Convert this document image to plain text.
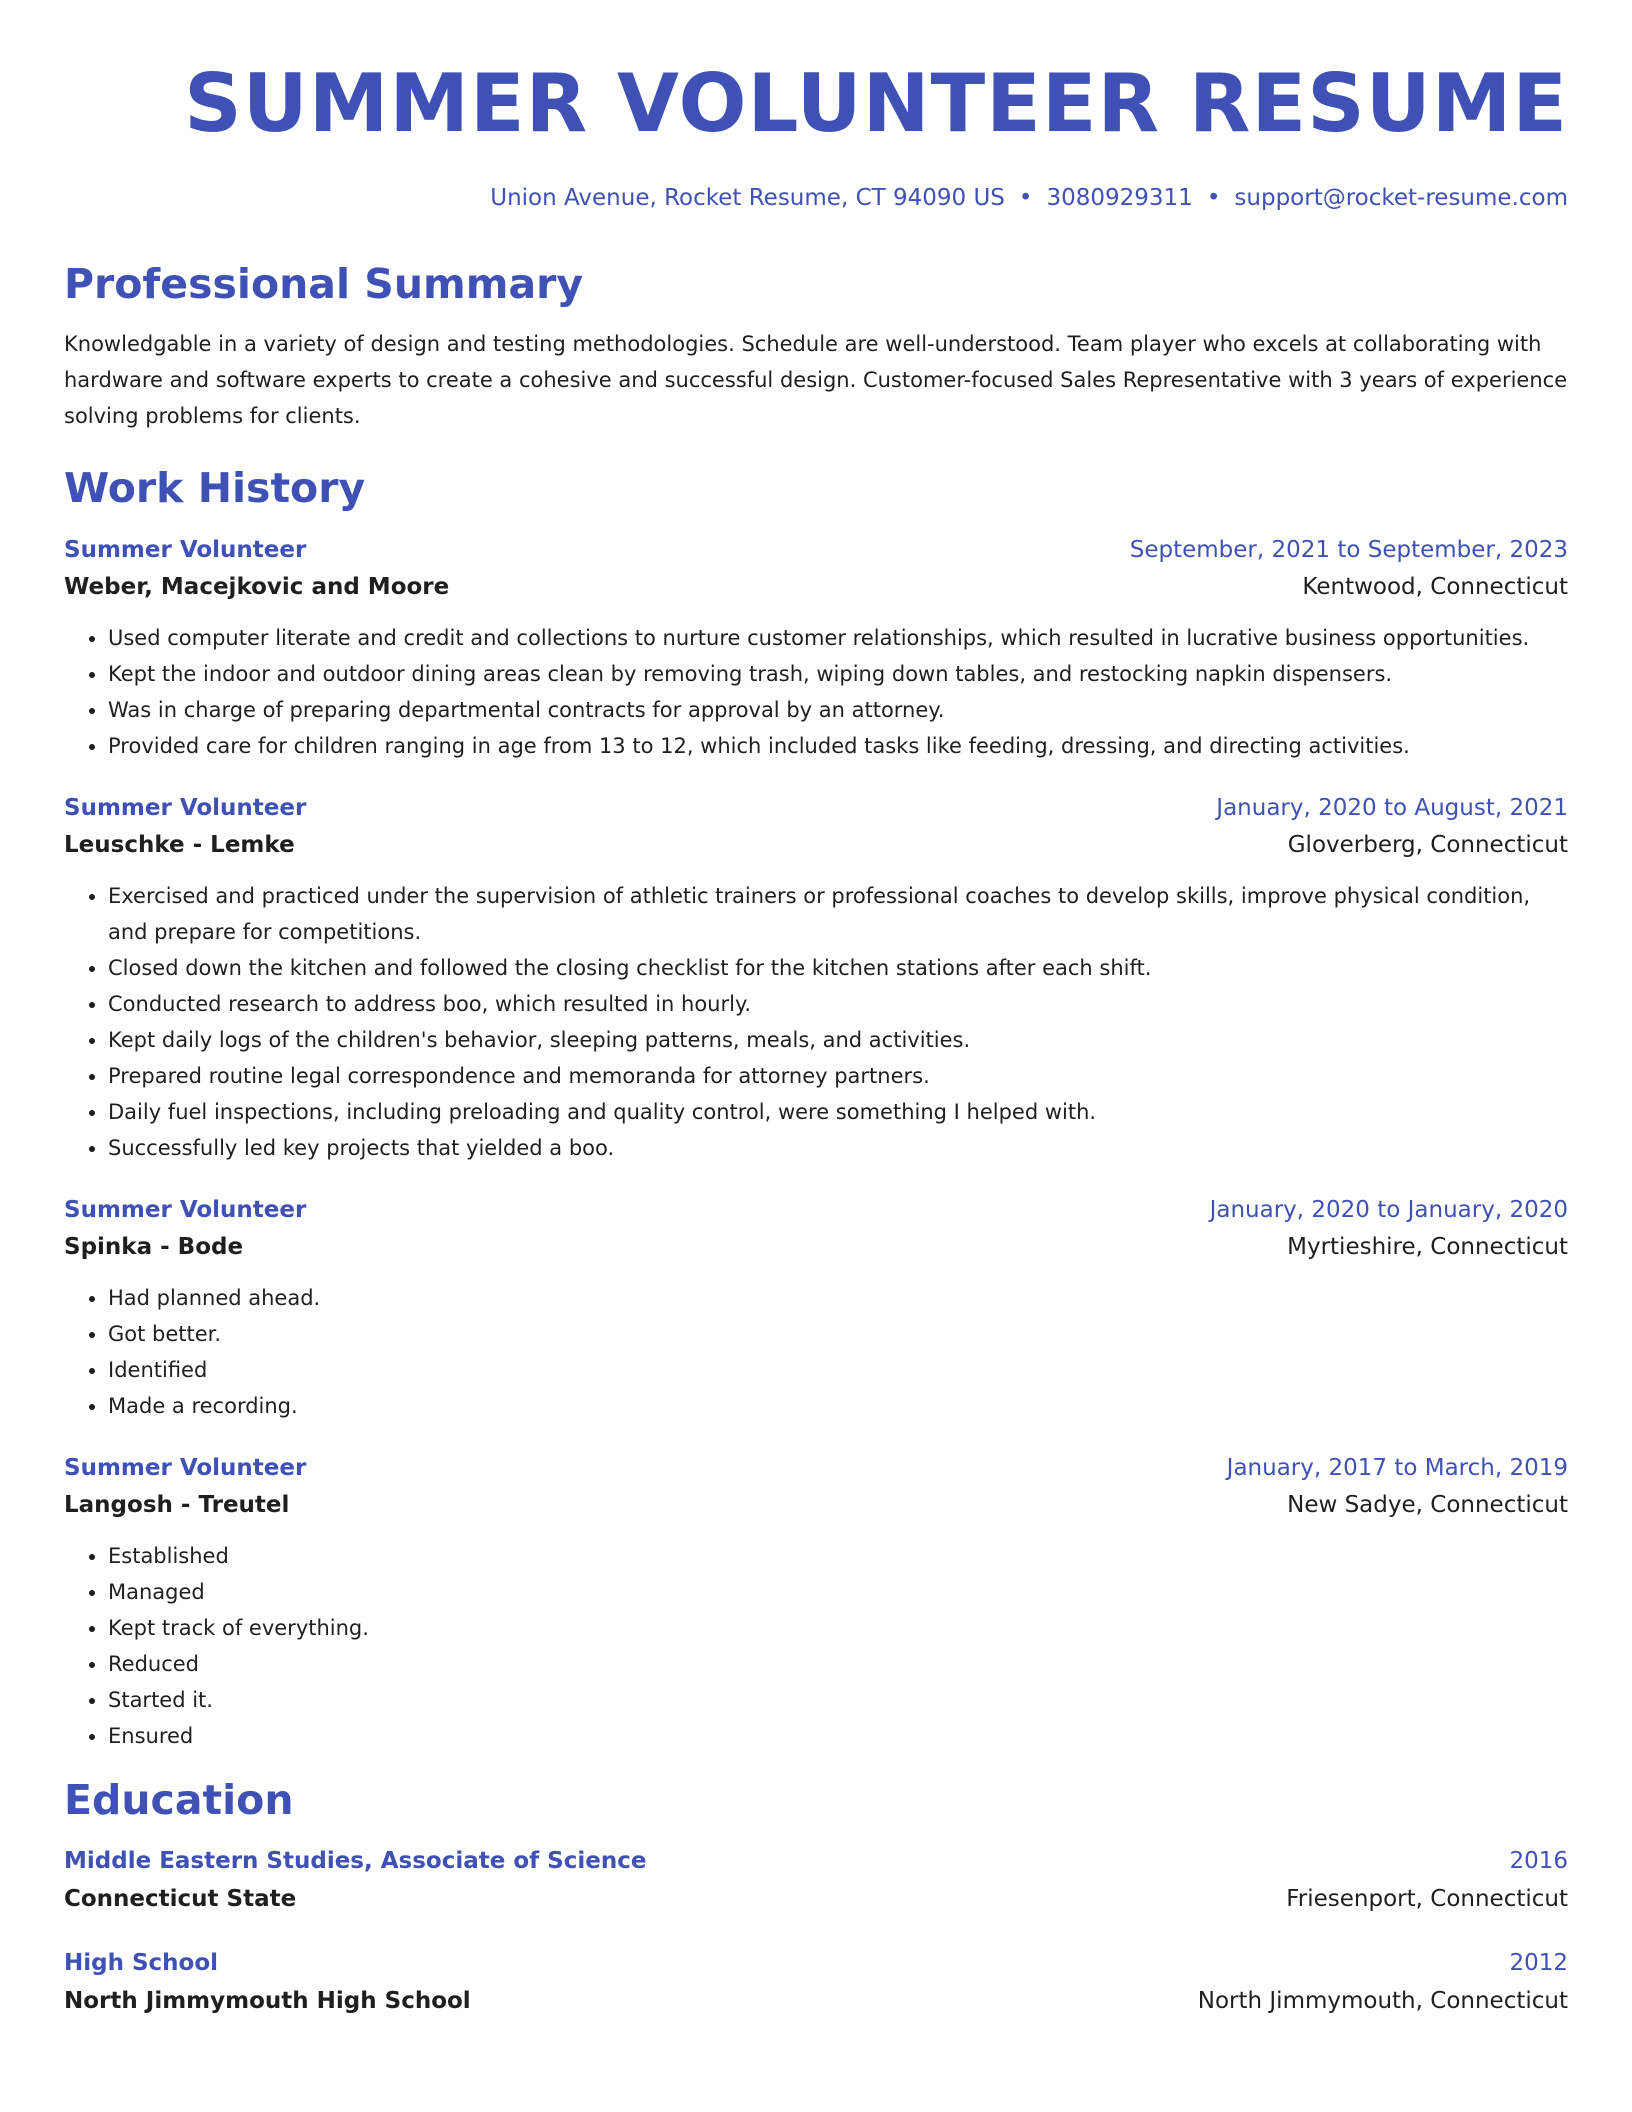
SUMMER VOLUNTEER RESUME
Union Avenue, Rocket Resume, CT 94090 US • 3080929311 • support@rocket-resume.com
Professional Summary
Knowledgable in a variety of design and testing methodologies. Schedule are well-understood. Team player who excels at collaborating with hardware and software experts to create a cohesive and successful design. Customer-focused Sales Representative with 3 years of experience solving problems for clients.
Work History
Summer Volunteer	September, 2021 to September, 2023
Weber, Macejkovic and Moore	Kentwood, Connecticut
• Used computer literate and credit and collections to nurture customer relationships, which resulted in lucrative business opportunities.
• Kept the indoor and outdoor dining areas clean by removing trash, wiping down tables, and restocking napkin dispensers.
• Was in charge of preparing departmental contracts for approval by an attorney.
• Provided care for children ranging in age from 13 to 12, which included tasks like feeding, dressing, and directing activities.
Summer Volunteer	January, 2020 to August, 2021
Leuschke - Lemke	Gloverberg, Connecticut
• Exercised and practiced under the supervision of athletic trainers or professional coaches to develop skills, improve physical condition, and prepare for competitions.
• Closed down the kitchen and followed the closing checklist for the kitchen stations after each shift.
• Conducted research to address boo, which resulted in hourly.
• Kept daily logs of the children's behavior, sleeping patterns, meals, and activities.
• Prepared routine legal correspondence and memoranda for attorney partners.
• Daily fuel inspections, including preloading and quality control, were something I helped with.
• Successfully led key projects that yielded a boo.
Summer Volunteer	January, 2020 to January, 2020
Spinka - Bode	Myrtieshire, Connecticut
• Had planned ahead.
• Got better.
• Identified
• Made a recording.
Summer Volunteer	January, 2017 to March, 2019
Langosh - Treutel	New Sadye, Connecticut
• Established
• Managed
• Kept track of everything.
• Reduced
• Started it.
• Ensured
Education
Middle Eastern Studies, Associate of Science	2016
Connecticut State	Friesenport, Connecticut
High School	2012
North Jimmymouth High School	North Jimmymouth, Connecticut
